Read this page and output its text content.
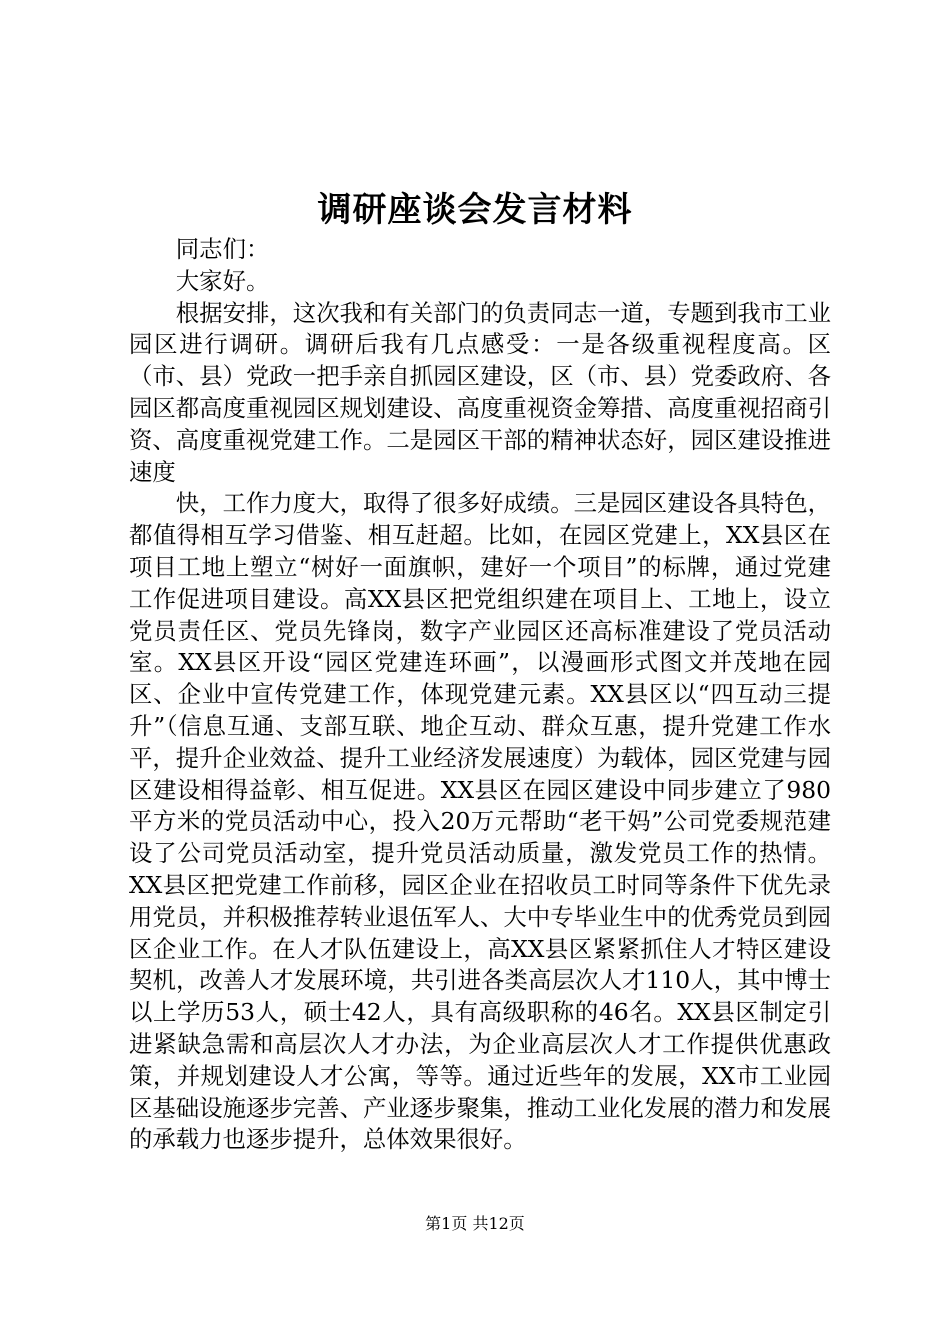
调研座谈会发言材料

同志们：

大家好。

根据安排，这次我和有关部门的负责同志一道，专题到我市工业园区进行调研。调研后我有几点感受：一是各级重视程度高。区（市、县）党政一把手亲自抓园区建设，区（市、县）党委政府、各园区都高度重视园区规划建设、高度重视资金筹措、高度重视招商引资、高度重视党建工作。二是园区干部的精神状态好，园区建设推进速度

快，工作力度大，取得了很多好成绩。三是园区建设各具特色，都值得相互学习借鉴、相互赶超。比如，在园区党建上，XX县区在项目工地上塑立“树好一面旗帜，建好一个项目”的标牌，通过党建工作促进项目建设。高XX县区把党组织建在项目上、工地上，设立党员责任区、党员先锋岗，数字产业园区还高标准建设了党员活动室。XX县区开设“园区党建连环画”，以漫画形式图文并茂地在园区、企业中宣传党建工作，体现党建元素。XX县区以“四互动三提升”（信息互通、支部互联、地企互动、群众互惠，提升党建工作水平，提升企业效益、提升工业经济发展速度）为载体，园区党建与园区建设相得益彰、相互促进。XX县区在园区建设中同步建立了980平方米的党员活动中心，投入20万元帮助“老干妈”公司党委规范建设了公司党员活动室，提升党员活动质量，激发党员工作的热情。XX县区把党建工作前移，园区企业在招收员工时同等条件下优先录用党员，并积极推荐转业退伍军人、大中专毕业生中的优秀党员到园区企业工作。在人才队伍建设上，高XX县区紧紧抓住人才特区建设契机，改善人才发展环境，共引进各类高层次人才110人，其中博士以上学历53人，硕士42人，具有高级职称的46名。XX县区制定引进紧缺急需和高层次人才办法，为企业高层次人才工作提供优惠政策，并规划建设人才公寓，等等。通过近些年的发展，XX市工业园区基础设施逐步完善、产业逐步聚集，推动工业化发展的潜力和发展的承载力也逐步提升，总体效果很好。

第1页 共12页
